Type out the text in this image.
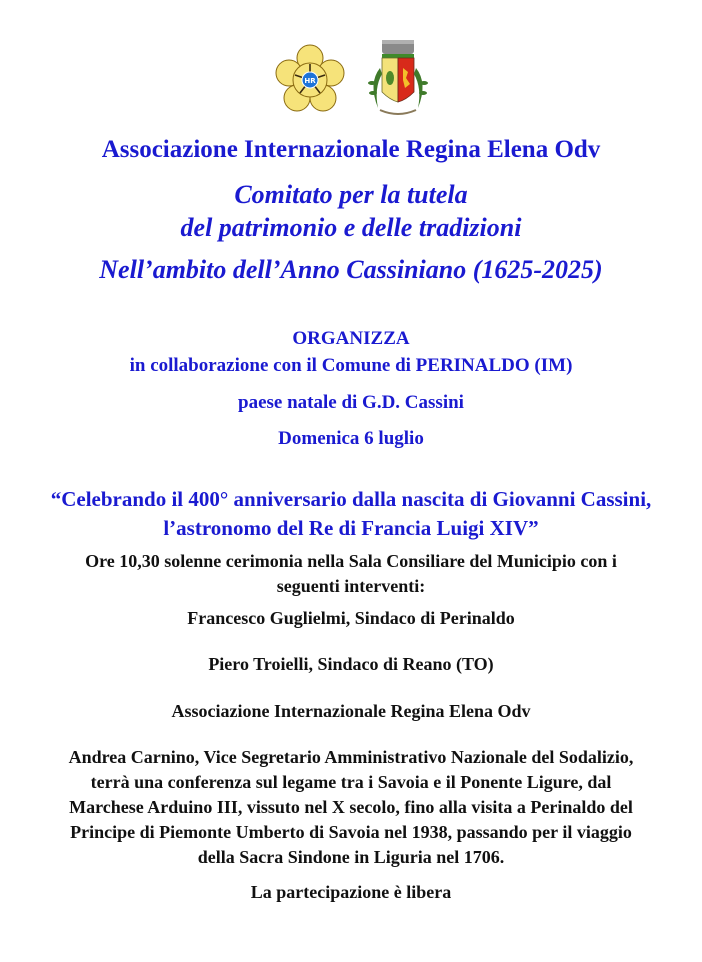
HR
Associazione Internazionale Regina Elena Odv
Comitato per la tutela
del patrimonio e delle tradizioni
Nell’ambito dell’Anno Cassiniano (1625-2025)
ORGANIZZA
in collaborazione con il Comune di PERINALDO (IM)
paese natale di G.D. Cassini
Domenica 6 luglio
“Celebrando il 400° anniversario dalla nascita di Giovanni Cassini,
l’astronomo del Re di Francia Luigi XIV”
Ore 10,30 solenne cerimonia nella Sala Consiliare del Municipio con i
seguenti interventi:
Francesco Guglielmi, Sindaco di Perinaldo
Piero Troielli, Sindaco di Reano (TO)
Associazione Internazionale Regina Elena Odv
Andrea Carnino, Vice Segretario Amministrativo Nazionale del Sodalizio,
terrà una conferenza sul legame tra i Savoia e il Ponente Ligure, dal
Marchese Arduino III, vissuto nel X secolo, fino alla visita a Perinaldo del
Principe di Piemonte Umberto di Savoia nel 1938, passando per il viaggio
della Sacra Sindone in Liguria nel 1706.
La partecipazione è libera
